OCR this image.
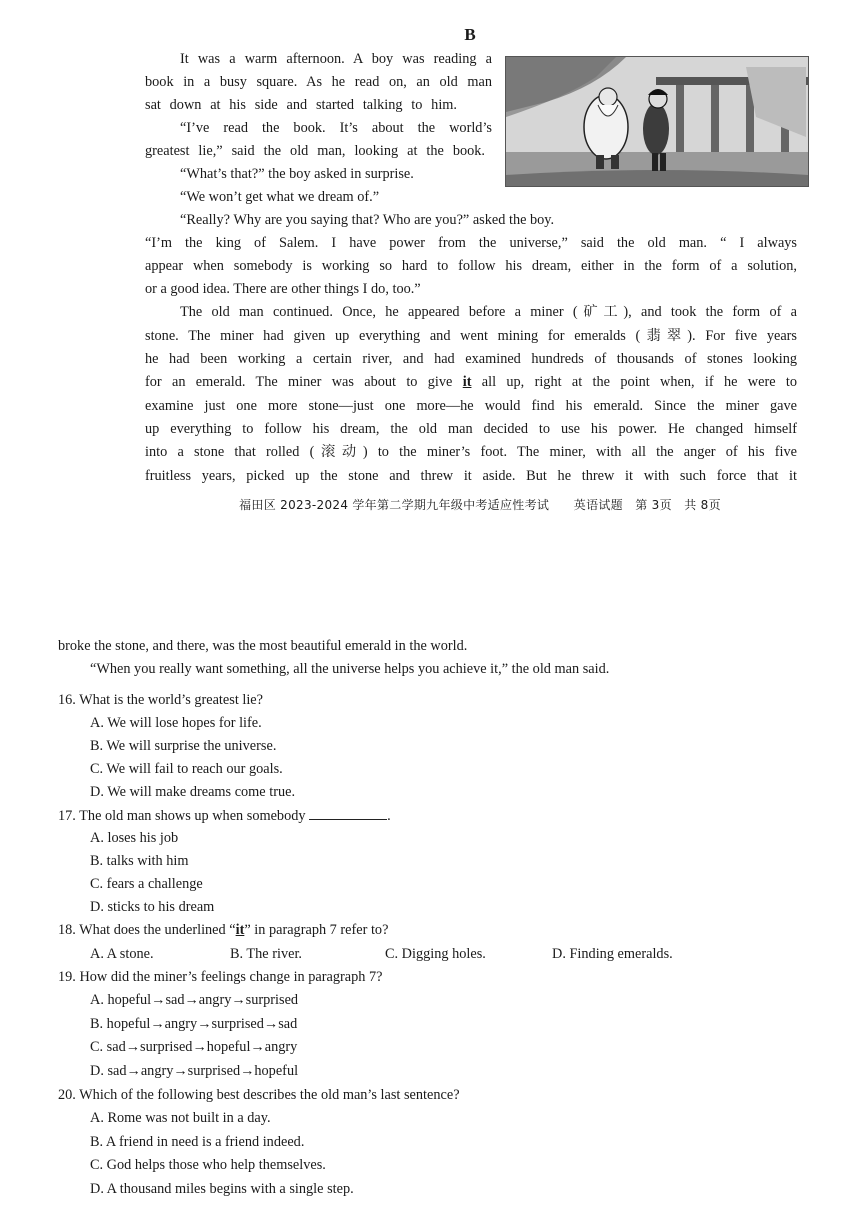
B
It was a warm afternoon. A boy was reading a
book in a busy square. As he read on, an old man
sat down at his side and started talking to him.
“I’ve read the book. It’s about the world’s
greatest lie,” said the old man, looking at the book.
“What’s that?” the boy asked in surprise.
“We won’t get what we dream of.”
“Really? Why are you saying that? Who are you?” asked the boy.
“I’m the king of Salem. I have power from the universe,” said the old man. “ I always
appear when somebody is working so hard to follow his dream, either in the form of a solution,
or a good idea. There are other things I do, too.”
The old man continued. Once, he appeared before a miner (矿工), and took the form of a
stone. The miner had given up everything and went mining for emeralds (翡翠). For five years
he had been working a certain river, and had examined hundreds of thousands of stones looking
for an emerald. The miner was about to give it all up, right at the point when, if he were to
examine just one more stone—just one more—he would find his emerald. Since the miner gave
up everything to follow his dream, the old man decided to use his power. He changed himself
into a stone that rolled (滚动) to the miner’s foot. The miner, with all the anger of his five
fruitless years, picked up the stone and threw it aside. But he threw it with such force that it
福田区 2023-2024 学年第二学期九年级中考适应性考试　　英语试题　第 3页　共 8页
broke the stone, and there, was the most beautiful emerald in the world.
“When you really want something, all the universe helps you achieve it,” the old man said.
16. What is the world’s greatest lie?
A. We will lose hopes for life.
B. We will surprise the universe.
C. We will fail to reach our goals.
D. We will make dreams come true.
17. The old man shows up when somebody	.
A. loses his job
B. talks with him
C. fears a challenge
D. sticks to his dream
18. What does the underlined “it” in paragraph 7 refer to?
A. A stone.	B. The river.	C. Digging holes.	D. Finding emeralds.
19. How did the miner’s feelings change in paragraph 7?
A. hopeful→sad→angry→surprised
B. hopeful→angry→surprised→sad
C. sad→surprised→hopeful→angry
D. sad→angry→surprised→hopeful
20. Which of the following best describes the old man’s last sentence?
A. Rome was not built in a day.
B. A friend in need is a friend indeed.
C. God helps those who help themselves.
D. A thousand miles begins with a single step.
